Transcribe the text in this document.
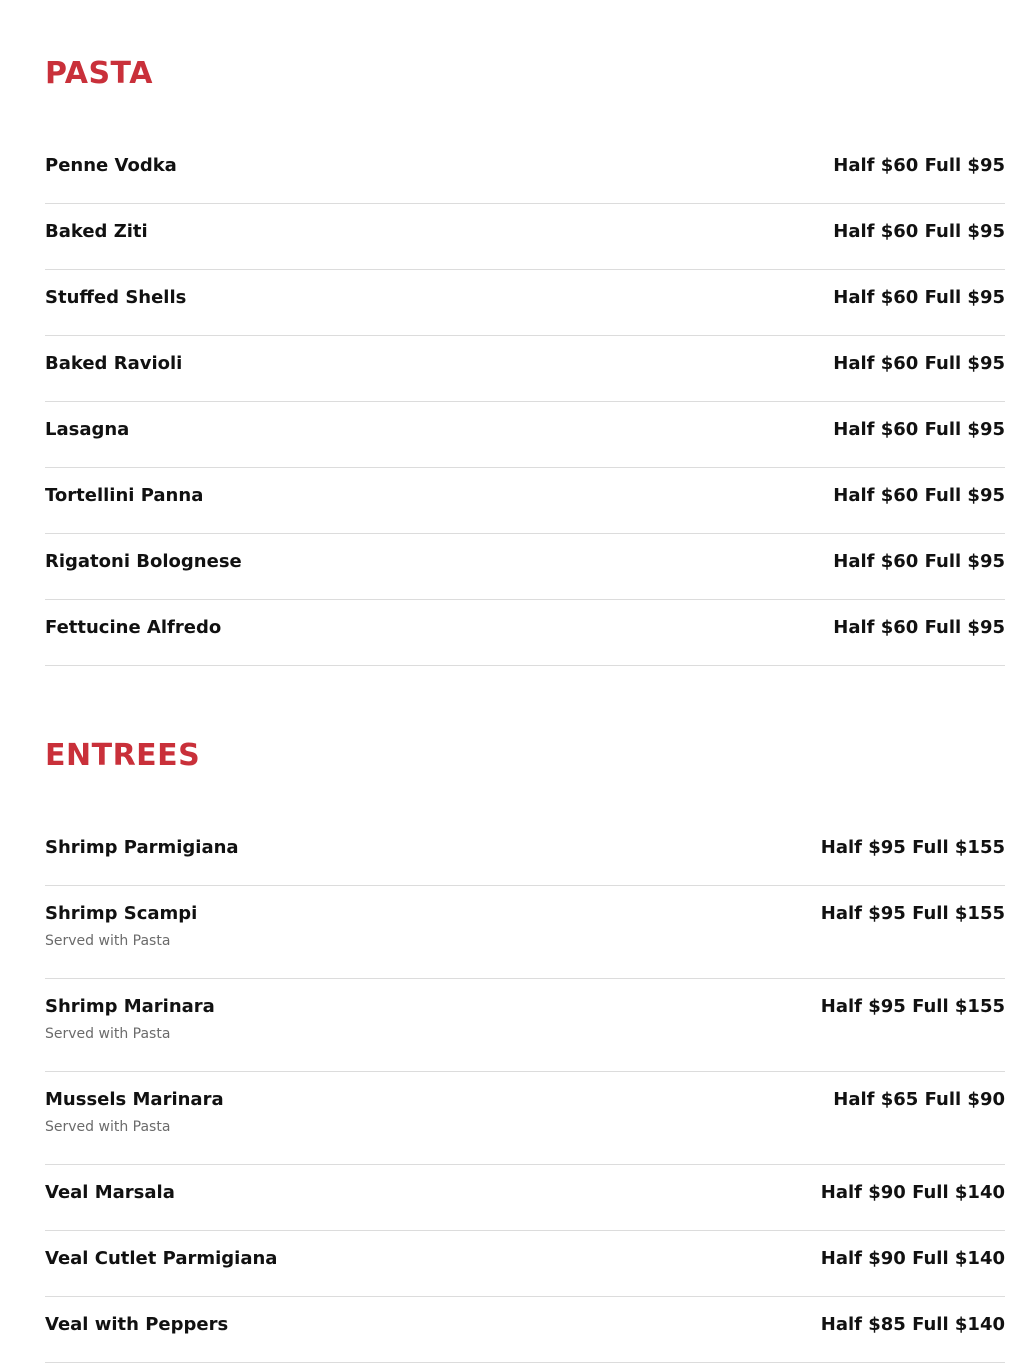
PASTA
Penne Vodka	Half $60 Full $95
Baked Ziti	Half $60 Full $95
Stuffed Shells	Half $60 Full $95
Baked Ravioli	Half $60 Full $95
Lasagna	Half $60 Full $95
Tortellini Panna	Half $60 Full $95
Rigatoni Bolognese	Half $60 Full $95
Fettucine Alfredo	Half $60 Full $95
ENTREES
Shrimp Parmigiana	Half $95 Full $155
Shrimp Scampi	Half $95 Full $155
Served with Pasta
Shrimp Marinara	Half $95 Full $155
Served with Pasta
Mussels Marinara	Half $65 Full $90
Served with Pasta
Veal Marsala	Half $90 Full $140
Veal Cutlet Parmigiana	Half $90 Full $140
Veal with Peppers	Half $85 Full $140
